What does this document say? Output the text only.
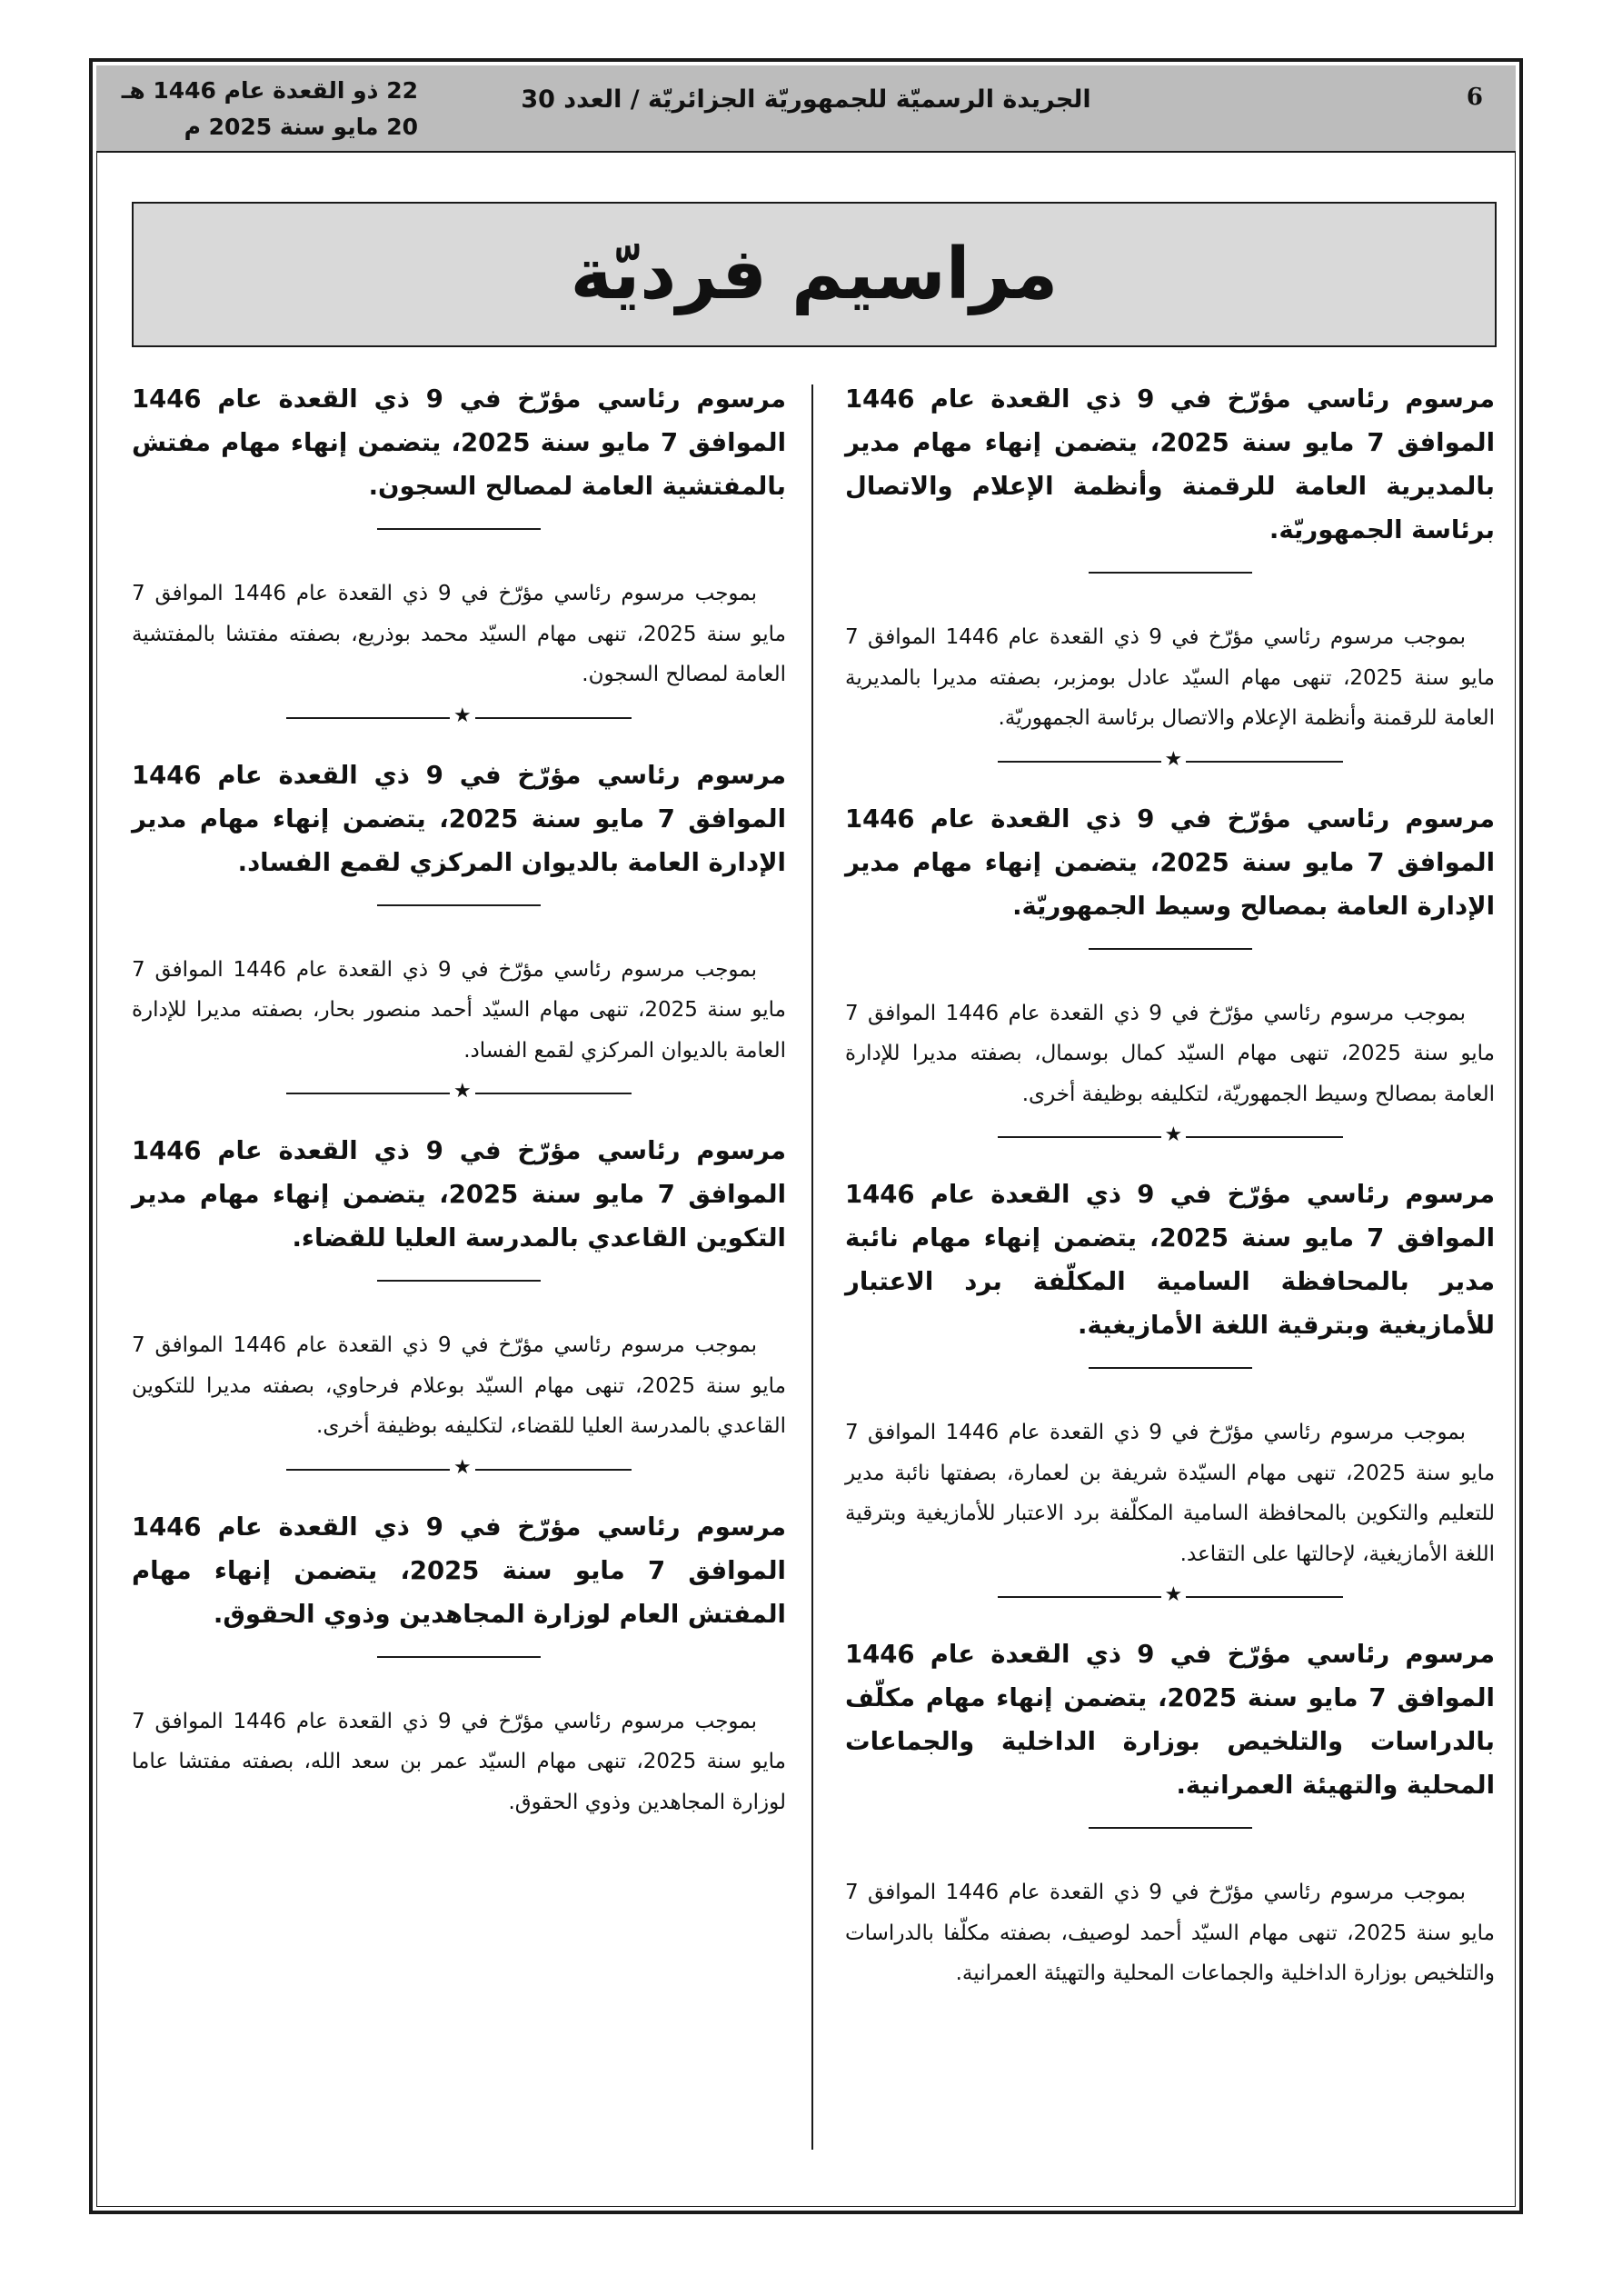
6
الجريدة الرسميّة للجمهوريّة الجزائريّة / العدد 30
22 ذو القعدة عام 1446 هـ
20 مايو سنة 2025 م
مراسيم فرديّة

مرسوم رئاسي مؤرّخ في 9 ذي القعدة عام 1446 الموافق 7 مايو سنة 2025، يتضمن إنهاء مهام مدير بالمديرية العامة للرقمنة وأنظمة الإعلام والاتصال برئاسة الجمهوريّة.

بموجب مرسوم رئاسي مؤرّخ في 9 ذي القعدة عام 1446 الموافق 7 مايو سنة 2025، تنهى مهام السيّد عادل بومزبر، بصفته مديرا بالمديرية العامة للرقمنة وأنظمة الإعلام والاتصال برئاسة الجمهوريّة.

★

مرسوم رئاسي مؤرّخ في 9 ذي القعدة عام 1446 الموافق 7 مايو سنة 2025، يتضمن إنهاء مهام مدير الإدارة العامة بمصالح وسيط الجمهوريّة.

بموجب مرسوم رئاسي مؤرّخ في 9 ذي القعدة عام 1446 الموافق 7 مايو سنة 2025، تنهى مهام السيّد كمال بوسمال، بصفته مديرا للإدارة العامة بمصالح وسيط الجمهوريّة، لتكليفه بوظيفة أخرى.

★

مرسوم رئاسي مؤرّخ في 9 ذي القعدة عام 1446 الموافق 7 مايو سنة 2025، يتضمن إنهاء مهام نائبة مدير بالمحافظة السامية المكلّفة برد الاعتبار للأمازيغية وبترقية اللغة الأمازيغية.

بموجب مرسوم رئاسي مؤرّخ في 9 ذي القعدة عام 1446 الموافق 7 مايو سنة 2025، تنهى مهام السيّدة شريفة بن لعمارة، بصفتها نائبة مدير للتعليم والتكوين بالمحافظة السامية المكلّفة برد الاعتبار للأمازيغية وبترقية اللغة الأمازيغية، لإحالتها على التقاعد.

★

مرسوم رئاسي مؤرّخ في 9 ذي القعدة عام 1446 الموافق 7 مايو سنة 2025، يتضمن إنهاء مهام مكلّف بالدراسات والتلخيص بوزارة الداخلية والجماعات المحلية والتهيئة العمرانية.

بموجب مرسوم رئاسي مؤرّخ في 9 ذي القعدة عام 1446 الموافق 7 مايو سنة 2025، تنهى مهام السيّد أحمد لوصيف، بصفته مكلّفا بالدراسات والتلخيص بوزارة الداخلية والجماعات المحلية والتهيئة العمرانية.

مرسوم رئاسي مؤرّخ في 9 ذي القعدة عام 1446 الموافق 7 مايو سنة 2025، يتضمن إنهاء مهام مفتش بالمفتشية العامة لمصالح السجون.

بموجب مرسوم رئاسي مؤرّخ في 9 ذي القعدة عام 1446 الموافق 7 مايو سنة 2025، تنهى مهام السيّد محمد بوذريع، بصفته مفتشا بالمفتشية العامة لمصالح السجون.

★

مرسوم رئاسي مؤرّخ في 9 ذي القعدة عام 1446 الموافق 7 مايو سنة 2025، يتضمن إنهاء مهام مدير الإدارة العامة بالديوان المركزي لقمع الفساد.

بموجب مرسوم رئاسي مؤرّخ في 9 ذي القعدة عام 1446 الموافق 7 مايو سنة 2025، تنهى مهام السيّد أحمد منصور بحار، بصفته مديرا للإدارة العامة بالديوان المركزي لقمع الفساد.

★

مرسوم رئاسي مؤرّخ في 9 ذي القعدة عام 1446 الموافق 7 مايو سنة 2025، يتضمن إنهاء مهام مدير التكوين القاعدي بالمدرسة العليا للقضاء.

بموجب مرسوم رئاسي مؤرّخ في 9 ذي القعدة عام 1446 الموافق 7 مايو سنة 2025، تنهى مهام السيّد بوعلام فرحاوي، بصفته مديرا للتكوين القاعدي بالمدرسة العليا للقضاء، لتكليفه بوظيفة أخرى.

★

مرسوم رئاسي مؤرّخ في 9 ذي القعدة عام 1446 الموافق 7 مايو سنة 2025، يتضمن إنهاء مهام المفتش العام لوزارة المجاهدين وذوي الحقوق.

بموجب مرسوم رئاسي مؤرّخ في 9 ذي القعدة عام 1446 الموافق 7 مايو سنة 2025، تنهى مهام السيّد عمر بن سعد الله، بصفته مفتشا عاما لوزارة المجاهدين وذوي الحقوق.
